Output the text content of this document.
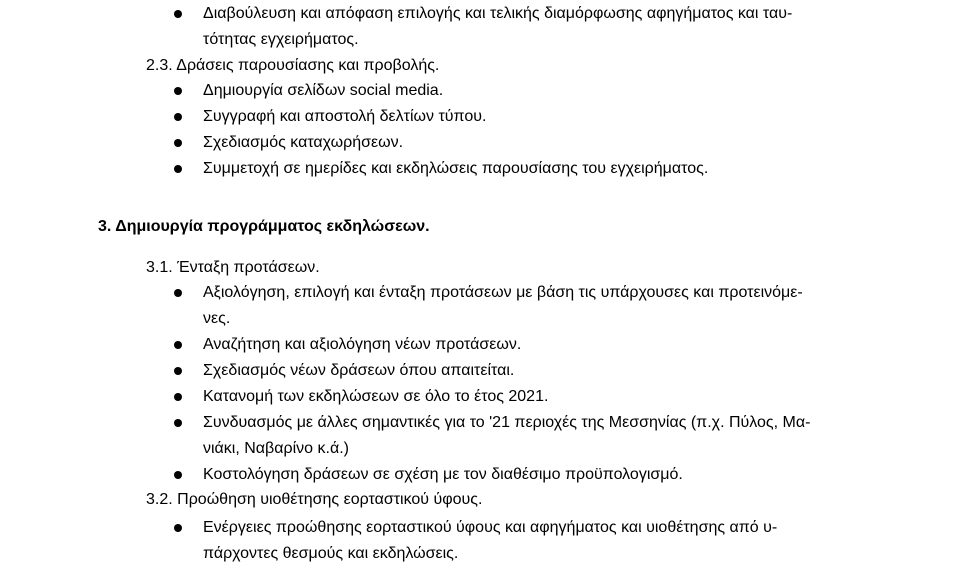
Διαβούλευση και απόφαση επιλογής και τελικής διαμόρφωσης αφηγήματος και ταυ-
τότητας εγχειρήματος.
2.3. Δράσεις παρουσίασης και προβολής.
Δημιουργία σελίδων social media.
Συγγραφή και αποστολή δελτίων τύπου.
Σχεδιασμός καταχωρήσεων.
Συμμετοχή σε ημερίδες και εκδηλώσεις παρουσίασης του εγχειρήματος.
3. Δημιουργία προγράμματος εκδηλώσεων.
3.1. Ένταξη προτάσεων.
Αξιολόγηση, επιλογή και ένταξη προτάσεων με βάση τις υπάρχουσες και προτεινόμε-
νες.
Αναζήτηση και αξιολόγηση νέων προτάσεων.
Σχεδιασμός νέων δράσεων όπου απαιτείται.
Κατανομή των εκδηλώσεων σε όλο το έτος 2021.
Συνδυασμός με άλλες σημαντικές για το '21 περιοχές της Μεσσηνίας (π.χ. Πύλος, Μα-
νιάκι, Ναβαρίνο κ.ά.)
Κοστολόγηση δράσεων σε σχέση με τον διαθέσιμο προϋπολογισμό.
3.2. Προώθηση υιοθέτησης εορταστικού ύφους.
Ενέργειες προώθησης εορταστικού ύφους και αφηγήματος και υιοθέτησης από υ-
πάρχοντες θεσμούς και εκδηλώσεις.
